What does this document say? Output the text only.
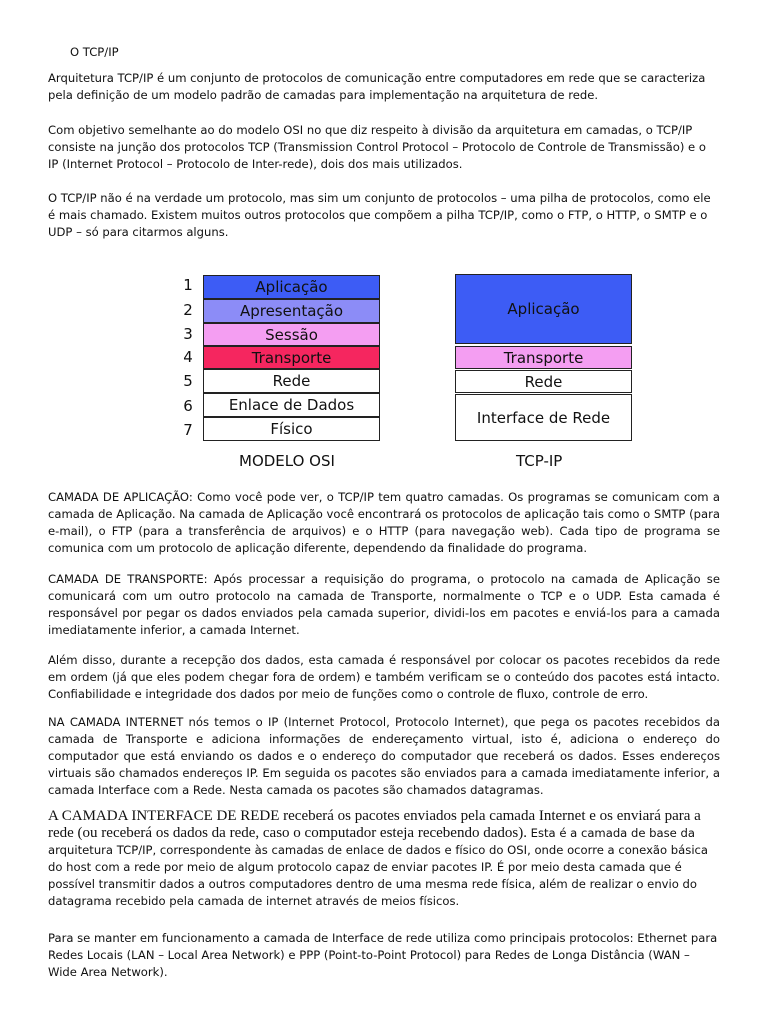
O TCP/IP

Arquitetura TCP/IP é um conjunto de protocolos de comunicação entre computadores em rede que se caracteriza pela definição de um modelo padrão de camadas para implementação na arquitetura de rede.

Com objetivo semelhante ao do modelo OSI no que diz respeito à divisão da arquitetura em camadas, o TCP/IP consiste na junção dos protocolos TCP (Transmission Control Protocol – Protocolo de Controle de Transmissão) e o IP (Internet Protocol – Protocolo de Inter-rede), dois dos mais utilizados.

O TCP/IP não é na verdade um protocolo, mas sim um conjunto de protocolos – uma pilha de protocolos, como ele é mais chamado. Existem muitos outros protocolos que compõem a pilha TCP/IP, como o FTP, o HTTP, o SMTP e o UDP – só para citarmos alguns.

1
2
3
4
5
6
7
Aplicação
Apresentação
Sessão
Transporte
Rede
Enlace de Dados
Físico
MODELO OSI
Aplicação
Transporte
Rede
Interface de Rede
TCP-IP

CAMADA DE APLICAÇÃO: Como você pode ver, o TCP/IP tem quatro camadas. Os programas se comunicam com a camada de Aplicação. Na camada de Aplicação você encontrará os protocolos de aplicação tais como o SMTP (para e-mail), o FTP (para a transferência de arquivos) e o HTTP (para navegação web). Cada tipo de programa se comunica com um protocolo de aplicação diferente, dependendo da finalidade do programa.

CAMADA DE TRANSPORTE: Após processar a requisição do programa, o protocolo na camada de Aplicação se comunicará com um outro protocolo na camada de Transporte, normalmente o TCP e o UDP. Esta camada é responsável por pegar os dados enviados pela camada superior, dividi-los em pacotes e enviá-los para a camada imediatamente inferior, a camada Internet.

Além disso, durante a recepção dos dados, esta camada é responsável por colocar os pacotes recebidos da rede em ordem (já que eles podem chegar fora de ordem) e também verificam se o conteúdo dos pacotes está intacto. Confiabilidade e integridade dos dados por meio de funções como o controle de fluxo, controle de erro.

NA CAMADA INTERNET nós temos o IP (Internet Protocol, Protocolo Internet), que pega os pacotes recebidos da camada de Transporte e adiciona informações de endereçamento virtual, isto é, adiciona o endereço do computador que está enviando os dados e o endereço do computador que receberá os dados. Esses endereços virtuais são chamados endereços IP. Em seguida os pacotes são enviados para a camada imediatamente inferior, a camada Interface com a Rede. Nesta camada os pacotes são chamados datagramas.

A CAMADA INTERFACE DE REDE receberá os pacotes enviados pela camada Internet e os enviará para a rede (ou receberá os dados da rede, caso o computador esteja recebendo dados). Esta é a camada de base da arquitetura TCP/IP, correspondente às camadas de enlace de dados e físico do OSI, onde ocorre a conexão básica do host com a rede por meio de algum protocolo capaz de enviar pacotes IP. É por meio desta camada que é possível transmitir dados a outros computadores dentro de uma mesma rede física, além de realizar o envio do datagrama recebido pela camada de internet através de meios físicos.

Para se manter em funcionamento a camada de Interface de rede utiliza como principais protocolos: Ethernet para Redes Locais (LAN – Local Area Network) e PPP (Point-to-Point Protocol) para Redes de Longa Distância (WAN – Wide Area Network).
